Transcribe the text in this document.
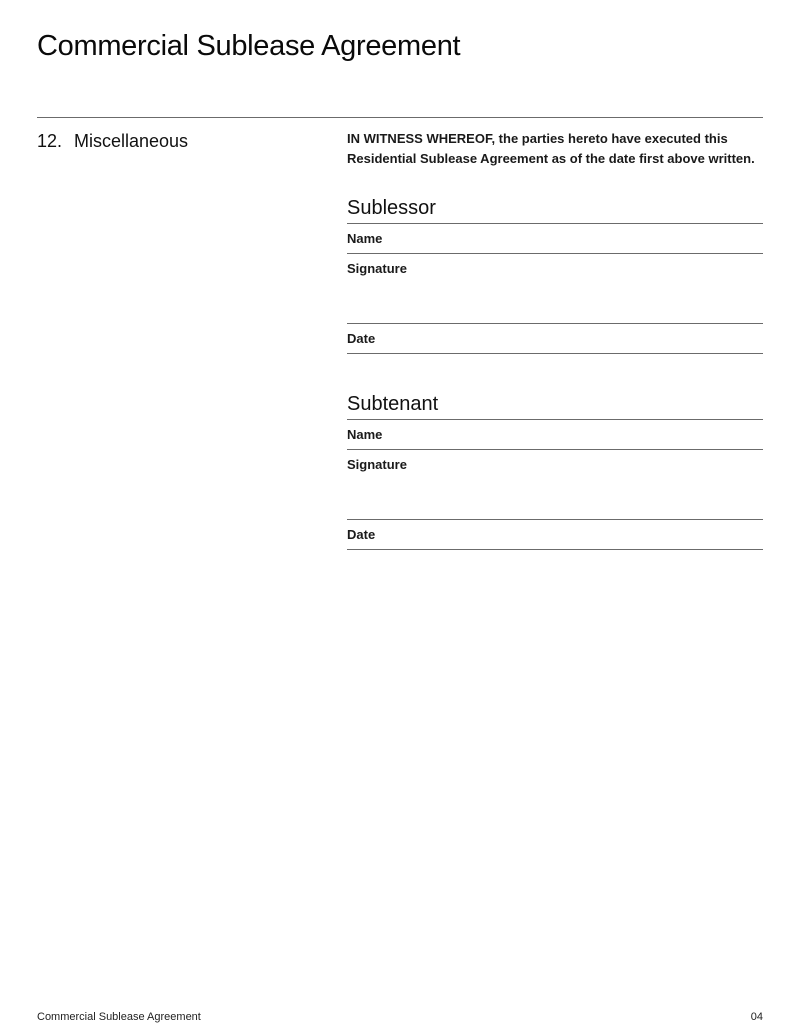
Commercial Sublease Agreement
12. Miscellaneous	IN WITNESS WHEREOF, the parties hereto have executed this Residential Sublease Agreement as of the date first above written.

Sublessor
Name
Signature
Date
Subtenant
Name
Signature
Date
Commercial Sublease Agreement	04
